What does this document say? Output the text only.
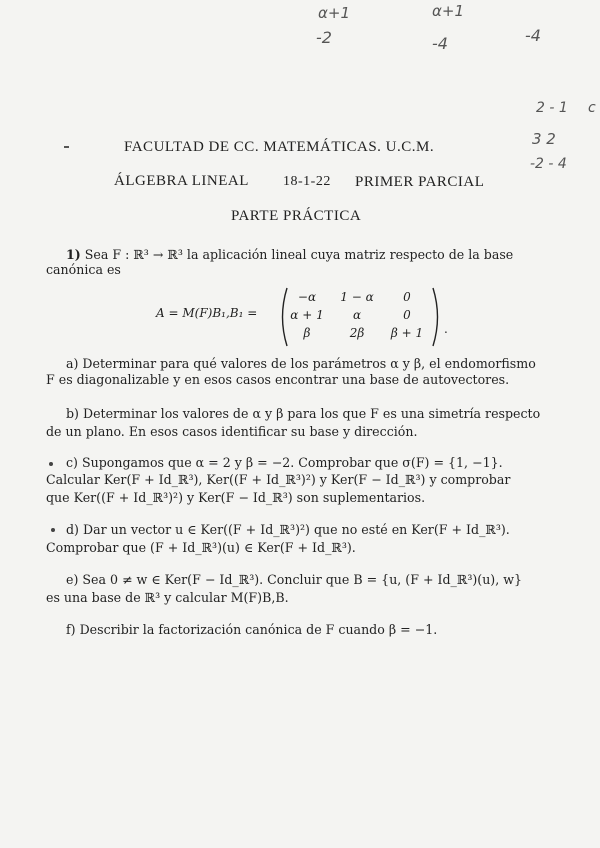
α+1	α+1
-2	-4	-4
2 - 1 c
3 2
-2 - 4
FACULTAD DE CC. MATEMÁTICAS. U.C.M.
ÁLGEBRA LINEAL 18-1-22 PRIMER PARCIAL
PARTE PRÁCTICA
1) Sea F : ℝ³ → ℝ³ la aplicación lineal cuya matriz respecto de la base
canónica es
A = M(F)B₁,B₁ =
−α	1 − α	0
α + 1	α	0
β	2β	β + 1	.
a) Determinar para qué valores de los parámetros α y β, el endomorfismo
F es diagonalizable y en esos casos encontrar una base de autovectores.
b) Determinar los valores de α y β para los que F es una simetría respecto
de un plano. En esos casos identificar su base y dirección.
c) Supongamos que α = 2 y β = −2. Comprobar que σ(F) = {1, −1}.
Calcular Ker(F + Id_ℝ³), Ker((F + Id_ℝ³)²) y Ker(F − Id_ℝ³) y comprobar
que Ker((F + Id_ℝ³)²) y Ker(F − Id_ℝ³) son suplementarios.
d) Dar un vector u ∈ Ker((F + Id_ℝ³)²) que no esté en Ker(F + Id_ℝ³).
Comprobar que (F + Id_ℝ³)(u) ∈ Ker(F + Id_ℝ³).
e) Sea 0 ≠ w ∈ Ker(F − Id_ℝ³). Concluir que B = {u, (F + Id_ℝ³)(u), w}
es una base de ℝ³ y calcular M(F)B,B.
f) Describir la factorización canónica de F cuando β = −1.
